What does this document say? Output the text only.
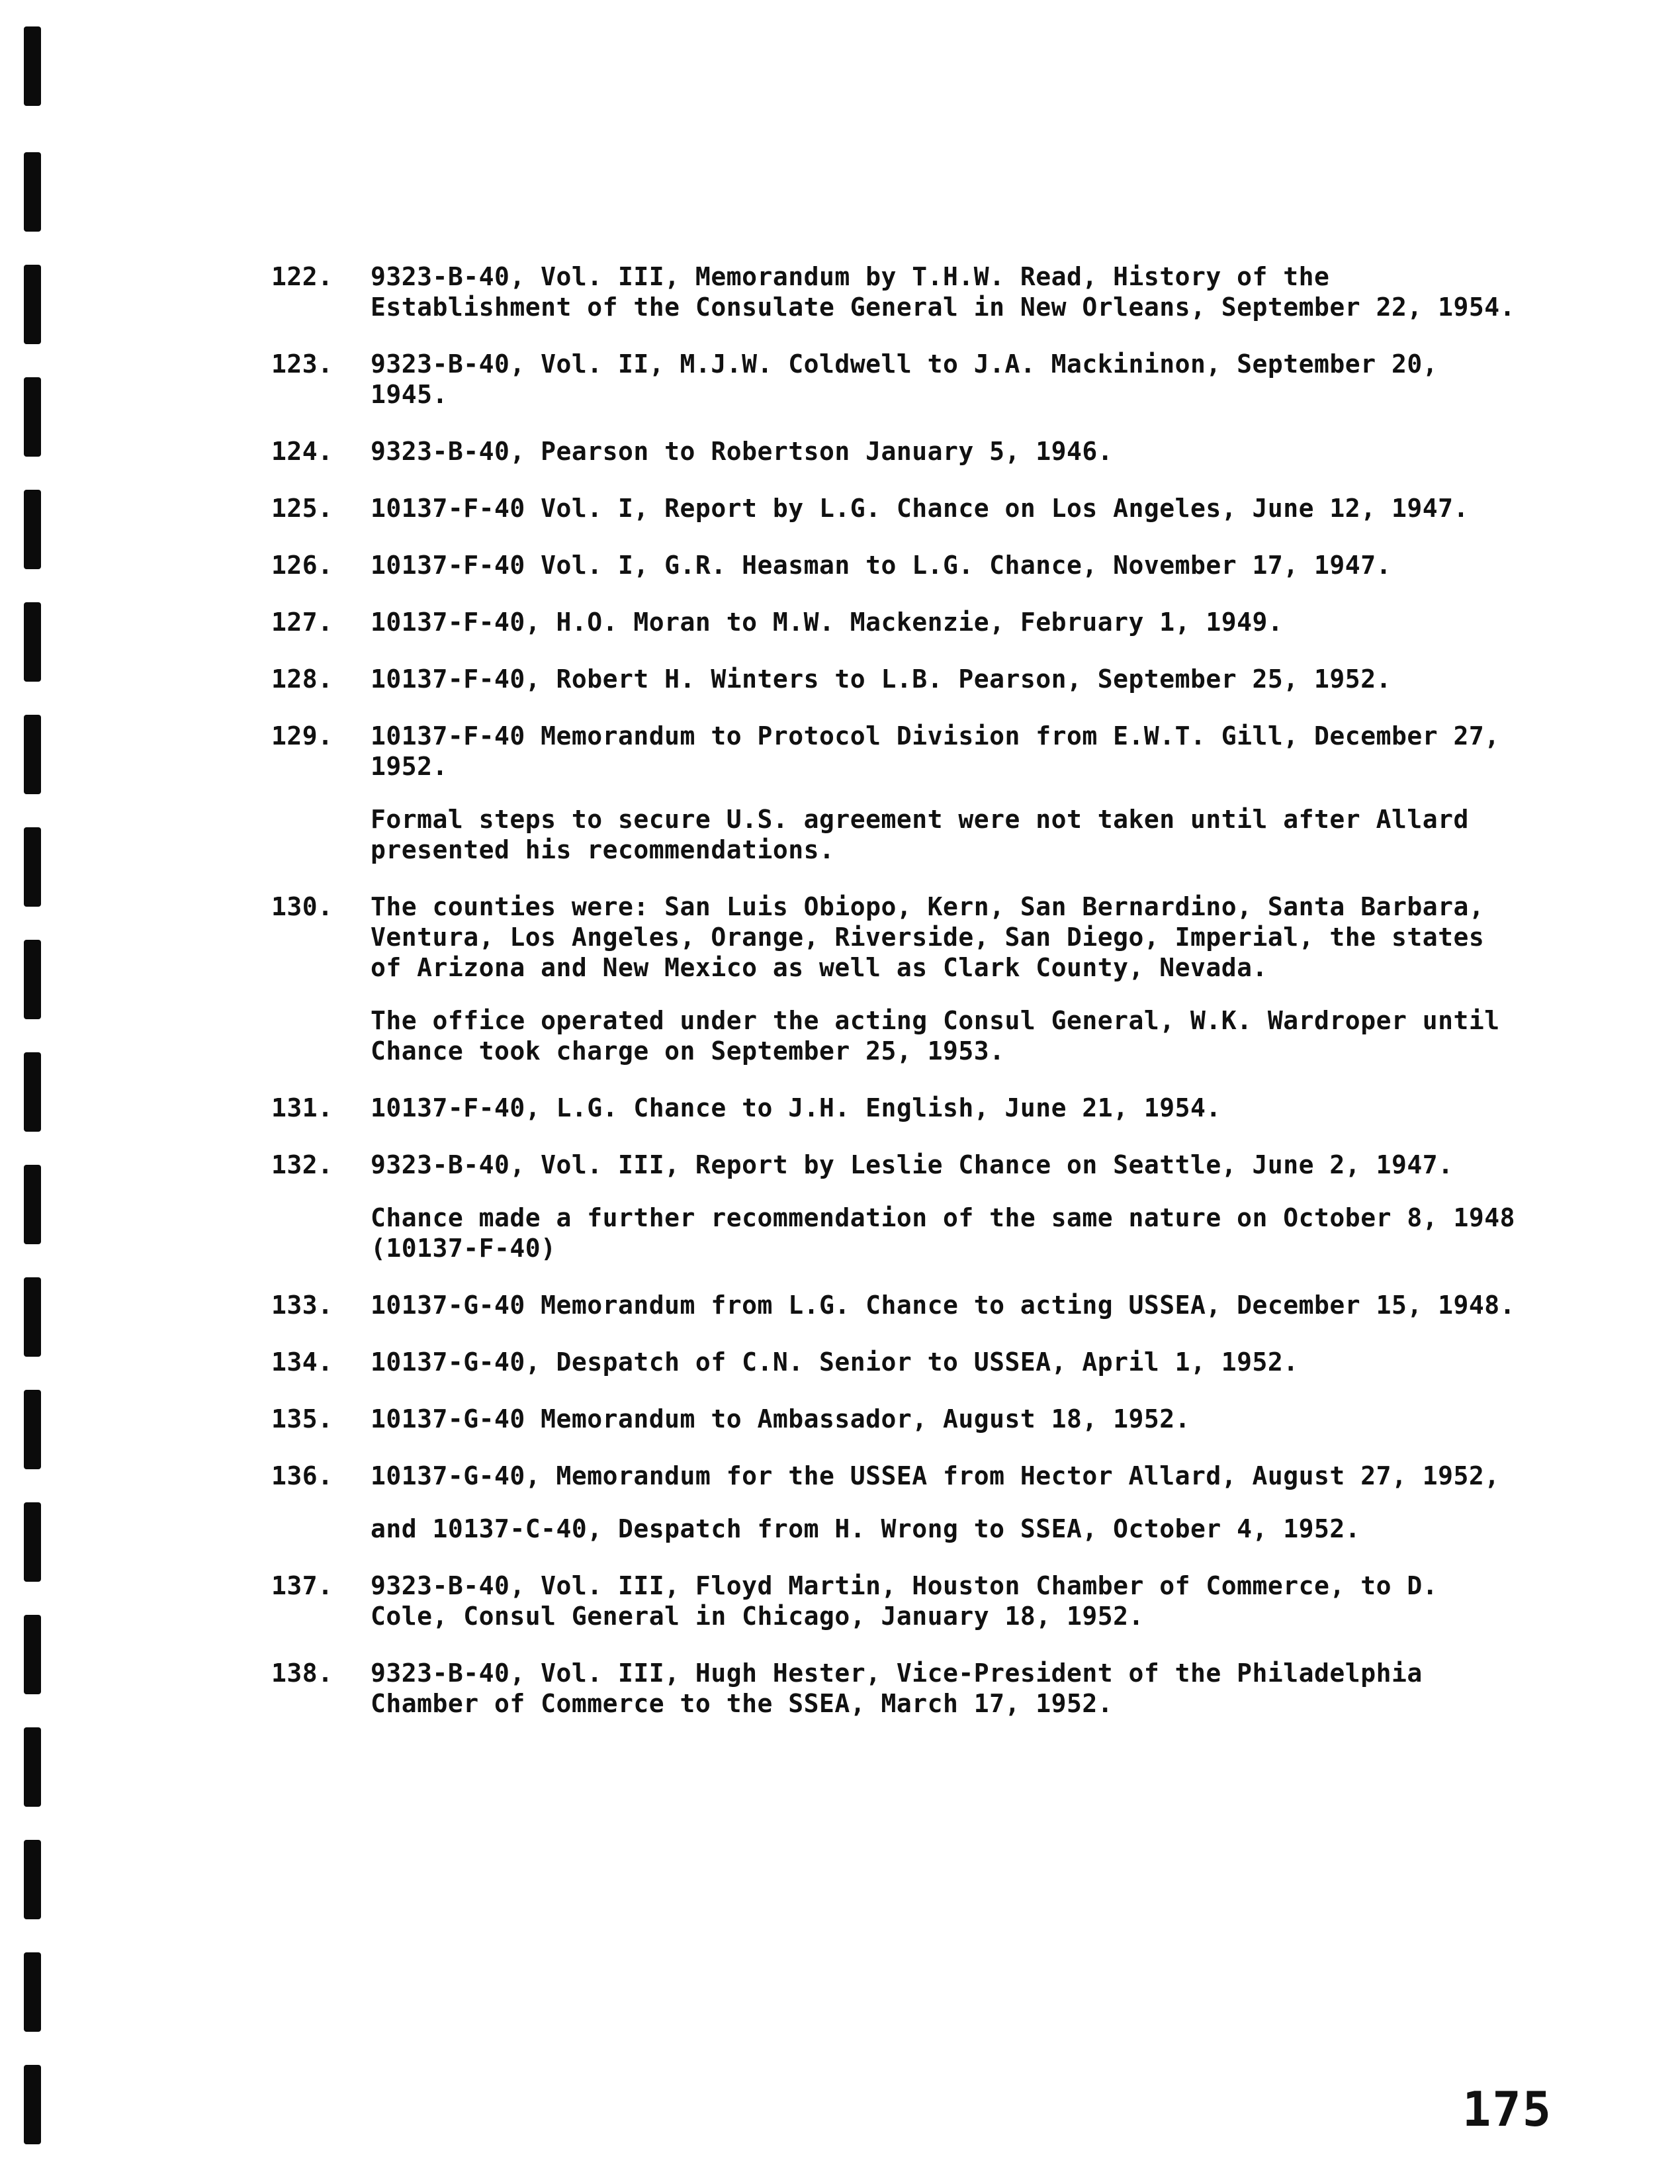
122.	9323-B-40, Vol. III, Memorandum by T.H.W. Read, History of the Establishment of the Consulate General in New Orleans, September 22, 1954.
123.	9323-B-40, Vol. II, M.J.W. Coldwell to J.A. Mackininon, September 20, 1945.
124.	9323-B-40, Pearson to Robertson January 5, 1946.
125.	10137-F-40 Vol. I, Report by L.G. Chance on Los Angeles, June 12, 1947.
126.	10137-F-40 Vol. I, G.R. Heasman to L.G. Chance, November 17, 1947.
127.	10137-F-40, H.O. Moran to M.W. Mackenzie, February 1, 1949.
128.	10137-F-40, Robert H. Winters to L.B. Pearson, September 25, 1952.
129.	10137-F-40 Memorandum to Protocol Division from E.W.T. Gill, December 27, 1952.
Formal steps to secure U.S. agreement were not taken until after Allard presented his recommendations.
130.	The counties were: San Luis Obiopo, Kern, San Bernardino, Santa Barbara, Ventura, Los Angeles, Orange, Riverside, San Diego, Imperial, the states of Arizona and New Mexico as well as Clark County, Nevada.
The office operated under the acting Consul General, W.K. Wardroper until Chance took charge on September 25, 1953.
131.	10137-F-40, L.G. Chance to J.H. English, June 21, 1954.
132.	9323-B-40, Vol. III, Report by Leslie Chance on Seattle, June 2, 1947.
Chance made a further recommendation of the same nature on October 8, 1948 (10137-F-40)
133.	10137-G-40 Memorandum from L.G. Chance to acting USSEA, December 15, 1948.
134.	10137-G-40, Despatch of C.N. Senior to USSEA, April 1, 1952.
135.	10137-G-40 Memorandum to Ambassador, August 18, 1952.
136.	10137-G-40, Memorandum for the USSEA from Hector Allard, August 27, 1952,
and 10137-C-40, Despatch from H. Wrong to SSEA, October 4, 1952.
137.	9323-B-40, Vol. III, Floyd Martin, Houston Chamber of Commerce, to D. Cole, Consul General in Chicago, January 18, 1952.
138.	9323-B-40, Vol. III, Hugh Hester, Vice-President of the Philadelphia Chamber of Commerce to the SSEA, March 17, 1952.
175
